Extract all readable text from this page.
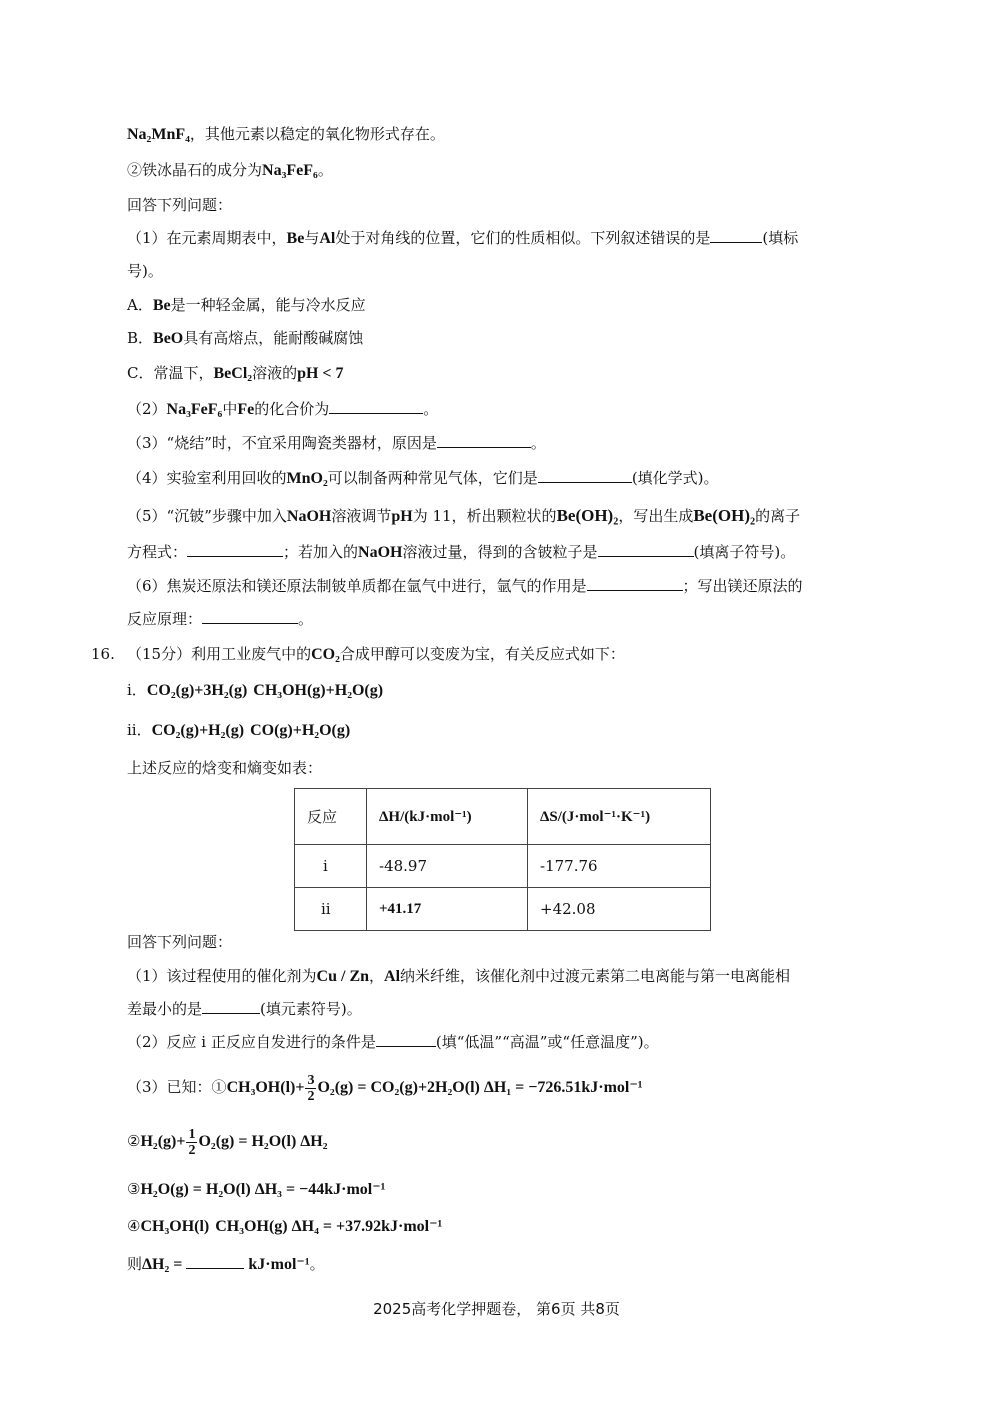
Na₂MnF₄，其他元素以稳定的氧化物形式存在。
②铁冰晶石的成分为Na₃FeF₆。
回答下列问题：
（1）在元素周期表中，Be与Al处于对角线的位置，它们的性质相似。下列叙述错误的是	(填标
号)。
A．Be是一种轻金属，能与冷水反应
B．BeO具有高熔点，能耐酸碱腐蚀
C．常温下，BeCl₂溶液的pH < 7
（2）Na₃FeF₆中Fe的化合价为	。
（3）“烧结”时，不宜采用陶瓷类器材，原因是	。
（4）实验室利用回收的MnO₂可以制备两种常见气体，它们是	(填化学式)。
（5）“沉铍”步骤中加入NaOH溶液调节pH为 11，析出颗粒状的Be(OH)₂，写出生成Be(OH)₂的离子
方程式：	；若加入的NaOH溶液过量，得到的含铍粒子是	(填离子符号)。
（6）焦炭还原法和镁还原法制铍单质都在氩气中进行，氩气的作用是	；写出镁还原法的
反应原理：	。
16. （15分）利用工业废气中的CO₂合成甲醇可以变废为宝，有关反应式如下：
i．CO₂(g)+3H₂(g) CH₃OH(g)+H₂O(g)
ii．CO₂(g)+H₂(g) CO(g)+H₂O(g)
上述反应的焓变和熵变如表：
反应	ΔH/(kJ·mol⁻¹)	ΔS/(J·mol⁻¹·K⁻¹)
i	-48.97	-177.76
ii	+41.17	+42.08
回答下列问题：
（1）该过程使用的催化剂为Cu / Zn，Al纳米纤维，该催化剂中过渡元素第二电离能与第一电离能相
差最小的是	(填元素符号)。
（2）反应 i 正反应自发进行的条件是	(填“低温”“高温”或“任意温度”)。
（3）已知：①CH₃OH(l)+ $\frac{3}{2} O_2(g) = CO_2(g)+2H_2O(l) \Delta H_1 = -726.51kJ\cdot mol^{-1}$
②H₂(g)+ $\frac{1}{2} O_2(g) = H_2O(l)$ ΔH₂
③H₂O(g) = H₂O(l) ΔH₃ = −44kJ·mol⁻¹
④CH₃OH(l) CH₃OH(g) ΔH₄ = +37.92kJ·mol⁻¹
则ΔH₂ =	kJ·mol⁻¹。
2025高考化学押题卷， 第6页 共8页
